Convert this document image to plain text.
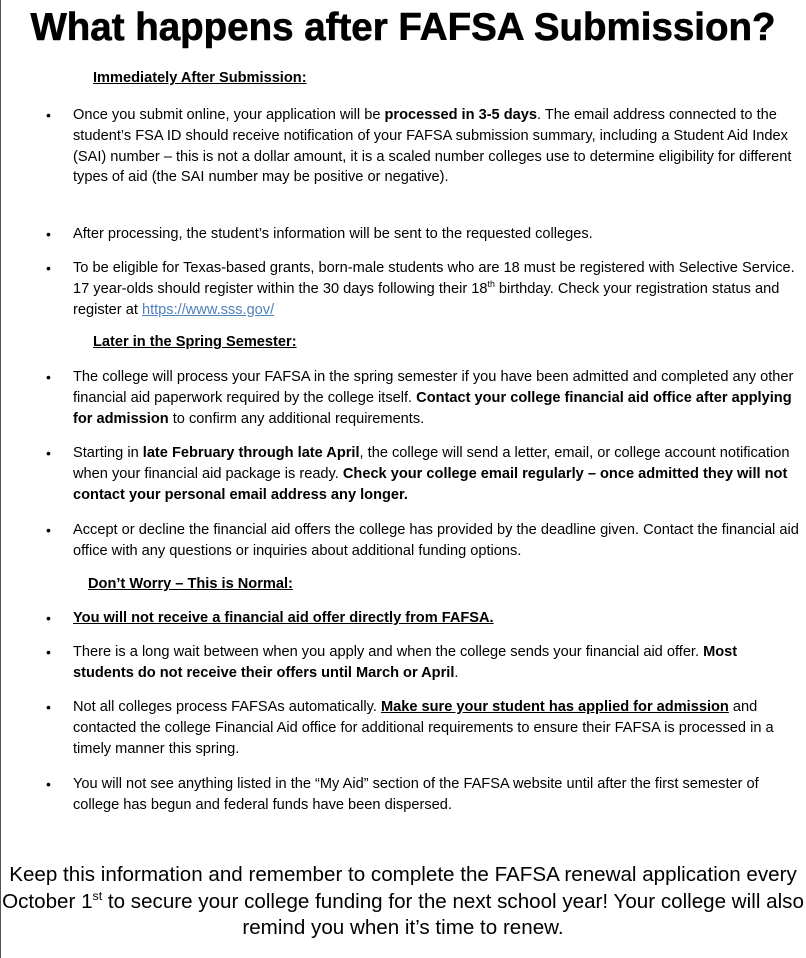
What happens after FAFSA Submission?
Immediately After Submission:
• Once you submit online, your application will be processed in 3-5 days. The email address connected to the student’s FSA ID should receive notification of your FAFSA submission summary, including a Student Aid Index (SAI) number – this is not a dollar amount, it is a scaled number colleges use to determine eligibility for different types of aid (the SAI number may be positive or negative).
• After processing, the student’s information will be sent to the requested colleges.
• To be eligible for Texas-based grants, born-male students who are 18 must be registered with Selective Service. 17 year-olds should register within the 30 days following their 18th birthday. Check your registration status and register at https://www.sss.gov/
Later in the Spring Semester:
• The college will process your FAFSA in the spring semester if you have been admitted and completed any other financial aid paperwork required by the college itself. Contact your college financial aid office after applying for admission to confirm any additional requirements.
• Starting in late February through late April, the college will send a letter, email, or college account notification when your financial aid package is ready. Check your college email regularly – once admitted they will not contact your personal email address any longer.
• Accept or decline the financial aid offers the college has provided by the deadline given. Contact the financial aid office with any questions or inquiries about additional funding options.
Don’t Worry – This is Normal:
• You will not receive a financial aid offer directly from FAFSA.
• There is a long wait between when you apply and when the college sends your financial aid offer. Most students do not receive their offers until March or April.
• Not all colleges process FAFSAs automatically. Make sure your student has applied for admission and contacted the college Financial Aid office for additional requirements to ensure their FAFSA is processed in a timely manner this spring.
• You will not see anything listed in the “My Aid” section of the FAFSA website until after the first semester of college has begun and federal funds have been dispersed.
Keep this information and remember to complete the FAFSA renewal application every October 1st to secure your college funding for the next school year! Your college will also remind you when it’s time to renew.
